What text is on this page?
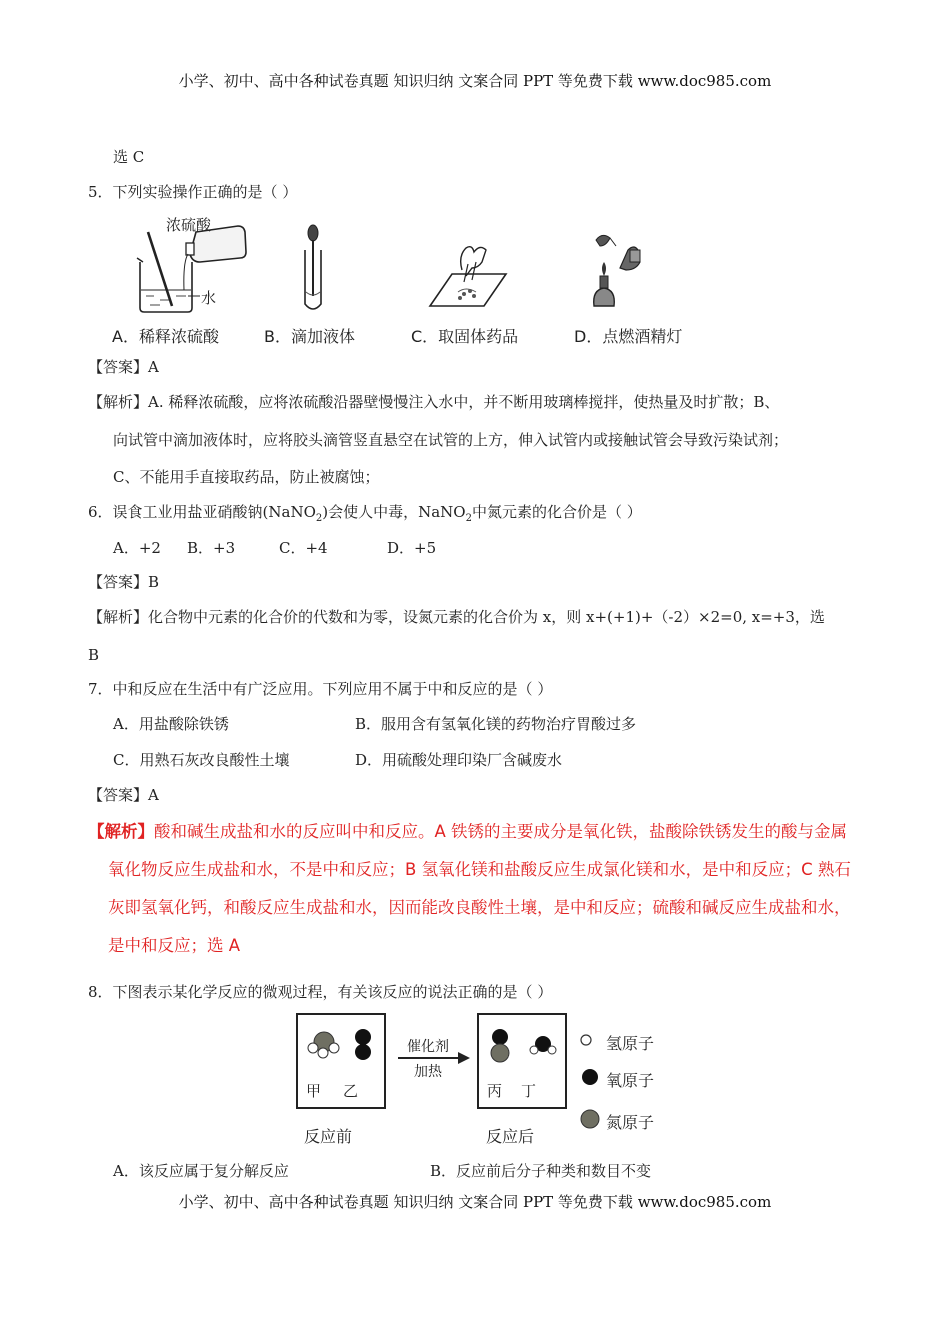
小学、初中、高中各种试卷真题 知识归纳 文案合同 PPT 等免费下载 www.doc985.com
选 C
5．下列实验操作正确的是（ ）
浓硫酸
水
A．稀释浓硫酸	B．滴加液体	C．取固体药品	D．点燃酒精灯
【答案】A
【解析】A. 稀释浓硫酸，应将浓硫酸沿器壁慢慢注入水中，并不断用玻璃棒搅拌，使热量及时扩散；B、
向试管中滴加液体时，应将胶头滴管竖直悬空在试管的上方，伸入试管内或接触试管会导致污染试剂；
C、不能用手直接取药品，防止被腐蚀；
6．误食工业用盐亚硝酸钠(NaNO$_2$)会使人中毒，NaNO$_2$中氮元素的化合价是（ ）
A．+2 B．+3	C．+4	D．+5
【答案】B
【解析】化合物中元素的化合价的代数和为零，设氮元素的化合价为 x，则 x+(+1)+（-2）×2=0, x=+3，选
B
7．中和反应在生活中有广泛应用。下列应用不属于中和反应的是（ ）
A．用盐酸除铁锈	B．服用含有氢氧化镁的药物治疗胃酸过多
C．用熟石灰改良酸性土壤	D．用硫酸处理印染厂含碱废水
【答案】A
【解析】酸和碱生成盐和水的反应叫中和反应。A 铁锈的主要成分是氧化铁，盐酸除铁锈发生的酸与金属
氧化物反应生成盐和水，不是中和反应；B 氢氧化镁和盐酸反应生成氯化镁和水，是中和反应；C 熟石
灰即氢氧化钙，和酸反应生成盐和水，因而能改良酸性土壤，是中和反应；硫酸和碱反应生成盐和水，
是中和反应；选 A
8．下图表示某化学反应的微观过程，有关该反应的说法正确的是（ ）
甲 乙	丙 丁
催化剂
加热
反应前	反应后
氢原子
氧原子
氮原子
A．该反应属于复分解反应	B．反应前后分子种类和数目不变
小学、初中、高中各种试卷真题 知识归纳 文案合同 PPT 等免费下载 www.doc985.com
